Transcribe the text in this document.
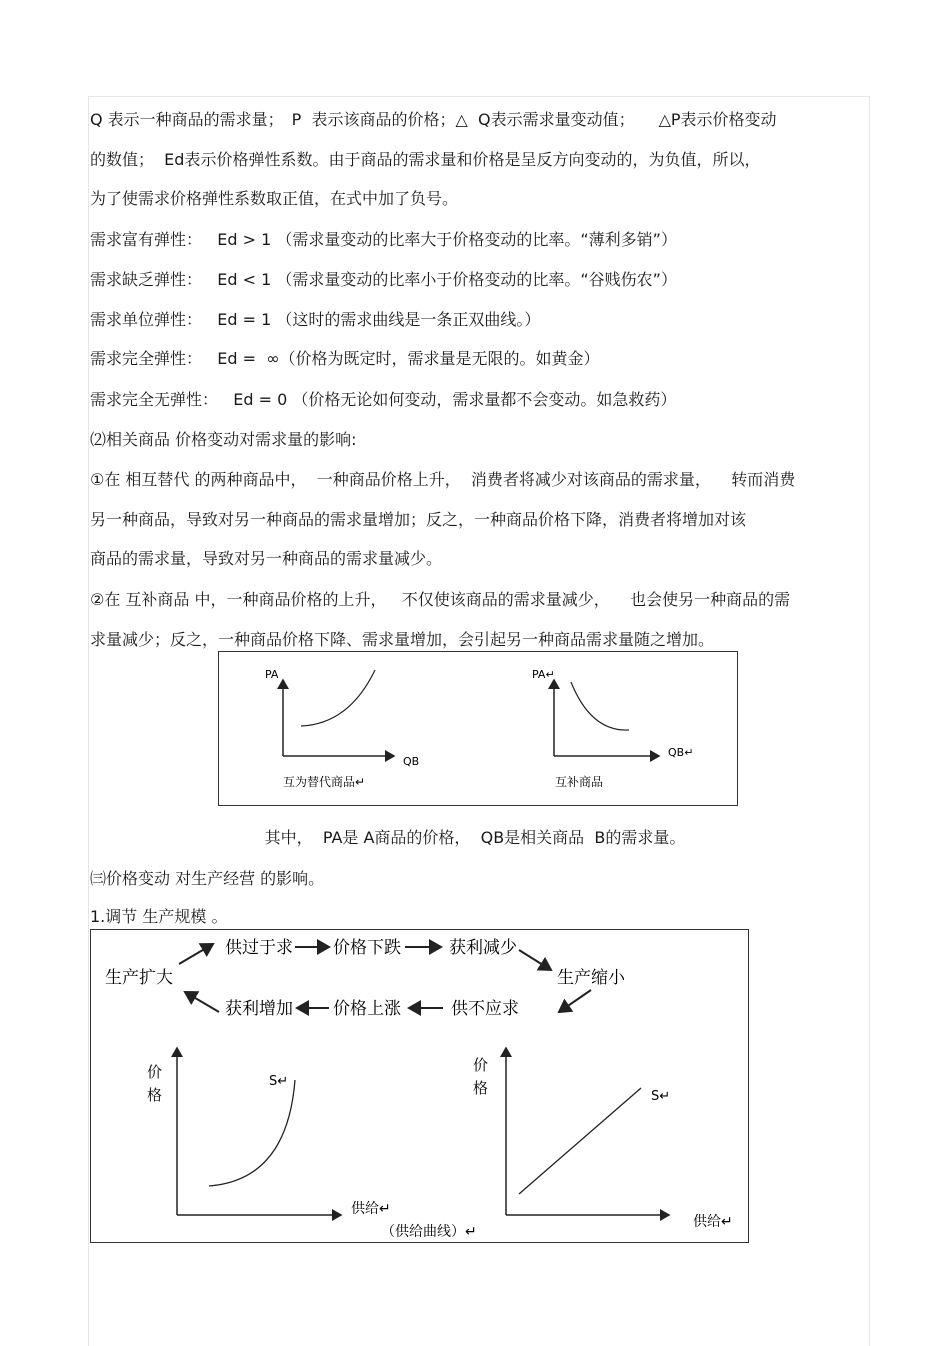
Q 表示一种商品的需求量；　P  表示该商品的价格；△  Q表示需求量变动值；　　△P表示价格变动
的数值；  Ed表示价格弹性系数。由于商品的需求量和价格是呈反方向变动的，为负值，所以，
为了使需求价格弹性系数取正值，在式中加了负号。
需求富有弹性：   Ed > 1 （需求量变动的比率大于价格变动的比率。“薄利多销”）
需求缺乏弹性：   Ed < 1 （需求量变动的比率小于价格变动的比率。“谷贱伤农”）
需求单位弹性：   Ed = 1 （这时的需求曲线是一条正双曲线。）
需求完全弹性：   Ed =  ∞（价格为既定时，需求量是无限的。如黄金）
需求完全无弹性：   Ed = 0 （价格无论如何变动，需求量都不会变动。如急救药）
⑵相关商品 价格变动对需求量的影响:
①在 相互替代 的两种商品中，  一种商品价格上升，  消费者将减少对该商品的需求量，    转而消费
另一种商品，导致对另一种商品的需求量增加；反之，一种商品价格下降，消费者将增加对该
商品的需求量，导致对另一种商品的需求量减少。
②在 互补商品 中，一种商品价格的上升，   不仅使该商品的需求量减少，    也会使另一种商品的需
求量减少；反之，一种商品价格下降、需求量增加，会引起另一种商品需求量随之增加。
PA
QB
互为替代商品↵
PA↵
QB↵
互补商品
其中，  PA是 A商品的价格，  QB是相关商品  B的需求量。
㈢价格变动 对生产经营 的影响。
1.调节 生产规模 。
生产扩大
供过于求 价格下跌	获利减少
生产缩小
供不应求
价格上涨
获利增加
价
格
S↵
供给↵
价
格	S↵
供给↵
（供给曲线）↵
